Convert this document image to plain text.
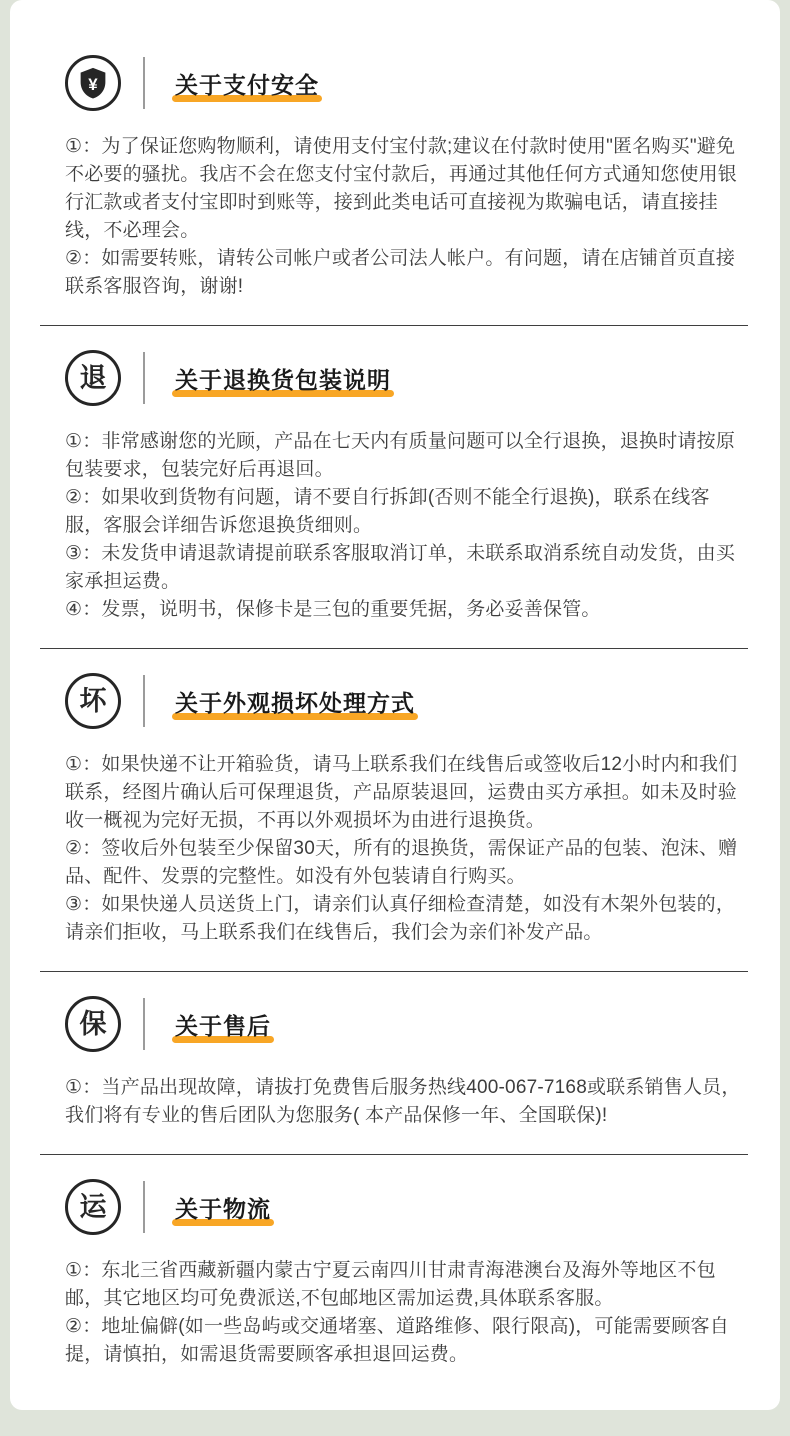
¥	关于支付安全

①：为了保证您购物顺利，请使用支付宝付款;建议在付款时使用"匿名购买"避免不必要的骚扰。我店不会在您支付宝付款后，再通过其他任何方式通知您使用银行汇款或者支付宝即时到账等，接到此类电话可直接视为欺骗电话，请直接挂线，不必理会。

②：如需要转账，请转公司帐户或者公司法人帐户。有问题，请在店铺首页直接联系客服咨询，谢谢!

退	关于退换货包装说明

①：非常感谢您的光顾，产品在七天内有质量问题可以全行退换，退换时请按原包装要求，包装完好后再退回。

②：如果收到货物有问题，请不要自行拆卸(否则不能全行退换)，联系在线客服，客服会详细告诉您退换货细则。

③：未发货申请退款请提前联系客服取消订单，未联系取消系统自动发货，由买家承担运费。

④：发票，说明书，保修卡是三包的重要凭据，务必妥善保管。

坏	关于外观损坏处理方式

①：如果快递不让开箱验货，请马上联系我们在线售后或签收后12小时内和我们联系，经图片确认后可保理退货，产品原装退回，运费由买方承担。如未及时验收一概视为完好无损，不再以外观损坏为由进行退换货。

②：签收后外包装至少保留30天，所有的退换货，需保证产品的包装、泡沫、赠品、配件、发票的完整性。如没有外包装请自行购买。

③：如果快递人员送货上门，请亲们认真仔细检查清楚，如没有木架外包装的，请亲们拒收，马上联系我们在线售后，我们会为亲们补发产品。

保	关于售后

①：当产品出现故障，请拔打免费售后服务热线400-067-7168或联系销售人员，我们将有专业的售后团队为您服务( 本产品保修一年、全国联保)!

运	关于物流

①：东北三省西藏新疆内蒙古宁夏云南四川甘肃青海港澳台及海外等地区不包邮，其它地区均可免费派送,不包邮地区需加运费,具体联系客服。

②：地址偏僻(如一些岛屿或交通堵塞、道路维修、限行限高)，可能需要顾客自提，请慎拍，如需退货需要顾客承担退回运费。
